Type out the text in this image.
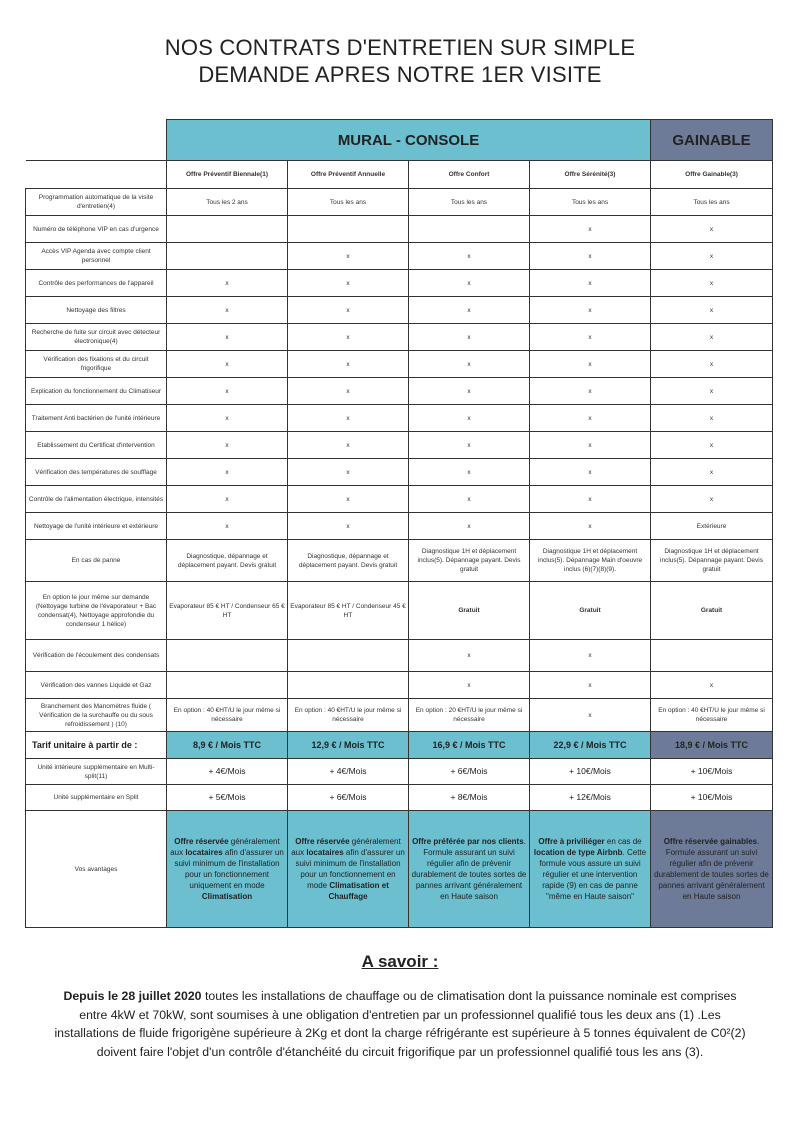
NOS CONTRATS D'ENTRETIEN SUR SIMPLE
DEMANDE APRES NOTRE 1ER VISITE
	MURAL - CONSOLE				GAINABLE
	Offre Préventif Biennale(1)	Offre Préventif Annuelle	Offre Confort	Offre Sérénité(3)	Offre Gainable(3)
Programmation automatique de la visite d'entretien(4)	Tous les 2 ans	Tous les ans	Tous les ans	Tous les ans	Tous les ans
Numéro de téléphone VIP en cas d'urgence				x	x
Accès VIP Agenda avec compte client personnel		x	x	x	x
Contrôle des performances de l'appareil	x	x	x	x	x
Nettoyage des filtres	x	x	x	x	x
Recherche de fuite sur circuit avec détecteur électronique(4)	x	x	x	x	x
Vérification des fixations et du circuit frigorifique	x	x	x	x	x
Explication du fonctionnement du Climatiseur	x	x	x	x	x
Traitement Anti bactérien de l'unité intérieure	x	x	x	x	x
Etablissement du Certificat d'intervention	x	x	x	x	x
Vérification des températures de soufflage	x	x	x	x	x
Contrôle de l'alimentation électrique, intensités	x	x	x	x	x
Nettoyage de l'unité intérieure et extérieure	x	x	x	x	Extérieure
En cas de panne	Diagnostique, dépannage et déplacement payant. Devis gratuit	Diagnostique, dépannage et déplacement payant. Devis gratuit	Diagnostique 1H et déplacement inclus(5). Dépannage payant. Devis gratuit	Diagnostique 1H et déplacement inclus(5). Dépannage Main d'oeuvre inclus (6)(7)(8)(9).	Diagnostique 1H et déplacement inclus(5). Dépannage payant. Devis gratuit
En option le jour même sur demande (Nettoyage turbine de l'évaporateur + Bac condensat(4), Nettoyage approfondie du condenseur 1 hélice)	Evaporateur 85 € HT / Condenseur 65 € HT	Evaporateur 85 € HT / Condenseur 45 € HT	Gratuit	Gratuit	Gratuit
Vérification de l'écoulement des condensats			x	x	
Vérification des vannes Liquide et Gaz			x	x	x
Branchement des Manomètres fluide ( Vérification de la surchauffe ou du sous refroidissement ) (10)	En option : 40 €HT/U le jour même si nécessaire	En option : 40 €HT/U le jour même si nécessaire	En option : 20 €HT/U le jour même si nécessaire	x	En option : 40 €HT/U le jour même si nécessaire
Tarif unitaire à partir de :	8,9 € / Mois TTC	12,9 € / Mois TTC	16,9 € / Mois TTC	22,9 € / Mois TTC	18,9 € / Mois TTC
Unité intérieure supplémentaire en Multi-split(11)	+ 4€/Mois	+ 4€/Mois	+ 6€/Mois	+ 10€/Mois	+ 10€/Mois
Unité supplémentaire en Split	+ 5€/Mois	+ 6€/Mois	+ 8€/Mois	+ 12€/Mois	+ 10€/Mois
Vos avantages	Offre réservée généralement aux locataires afin d'assurer un suivi minimum de l'installation pour un fonctionnement uniquement en mode Climatisation	Offre réservée généralement aux locataires afin d'assurer un suivi minimum de l'installation pour un fonctionnement en mode Climatisation et Chauffage	Offre préférée par nos clients. Formule assurant un suivi régulier afin de prévenir durablement de toutes sortes de pannes arrivant généralement en Haute saison	Offre à priviliéger en cas de location de type Airbnb. Cette formule vous assure un suivi régulier et une intervention rapide (9) en cas de panne "même en Haute saison"	Offre réservée gainables. Formule assurant un suivi régulier afin de prévenir durablement de toutes sortes de pannes arrivant généralement en Haute saison
A savoir :
Depuis le 28 juillet 2020 toutes les installations de chauffage ou de climatisation dont la puissance nominale est comprises entre 4kW et 70kW, sont soumises à une obligation d'entretien par un professionnel qualifié tous les deux ans (1) .Les installations de fluide frigorigène supérieure à 2Kg et dont la charge réfrigérante est supérieure à 5 tonnes équivalent de C0²(2) doivent faire l'objet d'un contrôle d'étanchéité du circuit frigorifique par un professionnel qualifié tous les ans (3).
